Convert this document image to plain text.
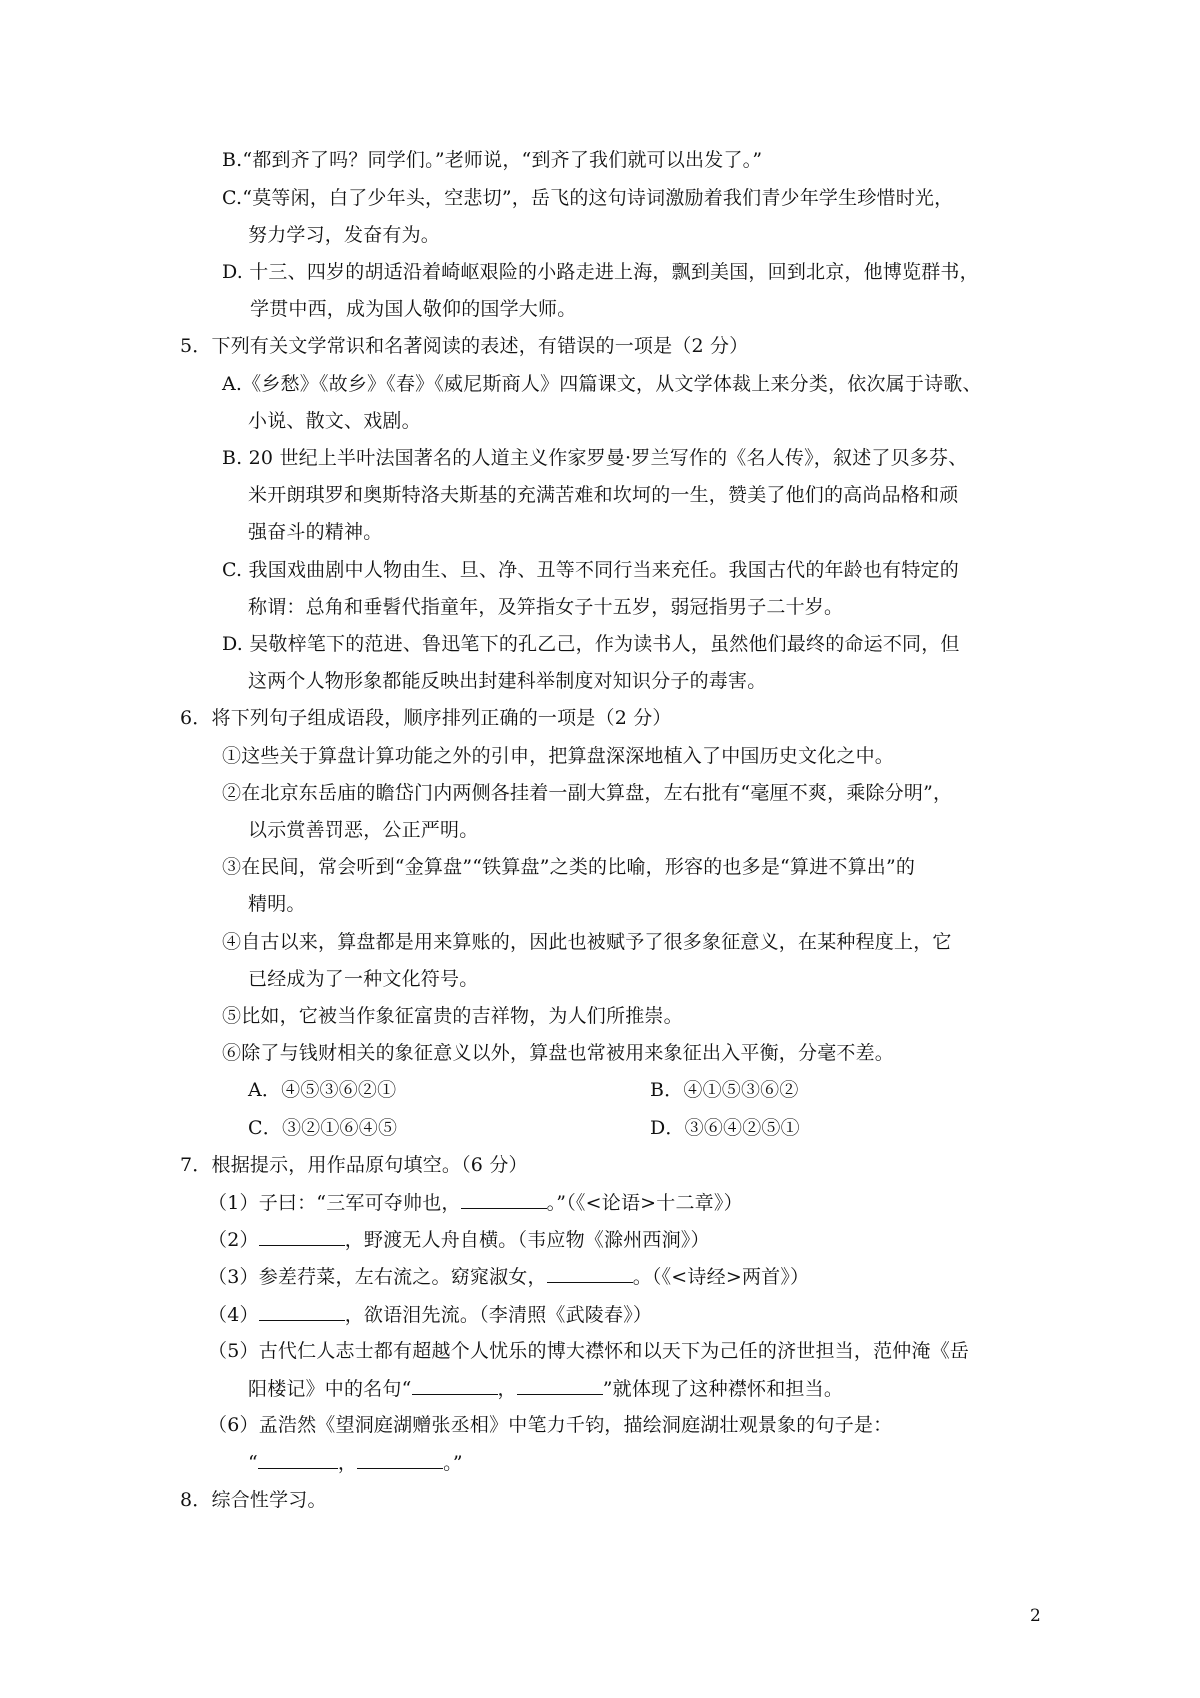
B.“都到齐了吗？同学们。”老师说，“到齐了我们就可以出发了。”
C.“莫等闲，白了少年头，空悲切”，岳飞的这句诗词激励着我们青少年学生珍惜时光，
努力学习，发奋有为。
D. 十三、四岁的胡适沿着崎岖艰险的小路走进上海，飘到美国，回到北京，他博览群书，
学贯中西，成为国人敬仰的国学大师。
5．下列有关文学常识和名著阅读的表述，有错误的一项是（2 分）
A.《乡愁》《故乡》《春》《威尼斯商人》四篇课文，从文学体裁上来分类，依次属于诗歌、
小说、散文、戏剧。
B. 20 世纪上半叶法国著名的人道主义作家罗曼·罗兰写作的《名人传》，叙述了贝多芬、
米开朗琪罗和奥斯特洛夫斯基的充满苦难和坎坷的一生，赞美了他们的高尚品格和顽
强奋斗的精神。
C. 我国戏曲剧中人物由生、旦、净、丑等不同行当来充任。我国古代的年龄也有特定的
称谓：总角和垂髫代指童年，及笄指女子十五岁，弱冠指男子二十岁。
D. 吴敬梓笔下的范进、鲁迅笔下的孔乙己，作为读书人，虽然他们最终的命运不同，但
这两个人物形象都能反映出封建科举制度对知识分子的毒害。
6．将下列句子组成语段，顺序排列正确的一项是（2 分）
①这些关于算盘计算功能之外的引申，把算盘深深地植入了中国历史文化之中。
②在北京东岳庙的瞻岱门内两侧各挂着一副大算盘，左右批有“毫厘不爽，乘除分明”，
以示赏善罚恶，公正严明。
③在民间，常会听到“金算盘”“铁算盘”之类的比喻，形容的也多是“算进不算出”的
精明。
④自古以来，算盘都是用来算账的，因此也被赋予了很多象征意义，在某种程度上，它
已经成为了一种文化符号。
⑤比如，它被当作象征富贵的吉祥物，为人们所推崇。
⑥除了与钱财相关的象征意义以外，算盘也常被用来象征出入平衡，分毫不差。
A．④⑤③⑥②①	B．④①⑤③⑥②
C．③②①⑥④⑤	D．③⑥④②⑤①
7．根据提示，用作品原句填空。（6 分）
（1）子曰：“三军可夺帅也，	。”（《<论语>十二章》）
（2）	，野渡无人舟自横。（韦应物《滁州西涧》）
（3）参差荇菜，左右流之。窈窕淑女，	。（《<诗经>两首》）
（4）	，欲语泪先流。（李清照《武陵春》）
（5）古代仁人志士都有超越个人忧乐的博大襟怀和以天下为己任的济世担当，范仲淹《岳
阳楼记》中的名句“	，	”就体现了这种襟怀和担当。
（6）孟浩然《望洞庭湖赠张丞相》中笔力千钧，描绘洞庭湖壮观景象的句子是：
“	，	。”
8．综合性学习。
2
